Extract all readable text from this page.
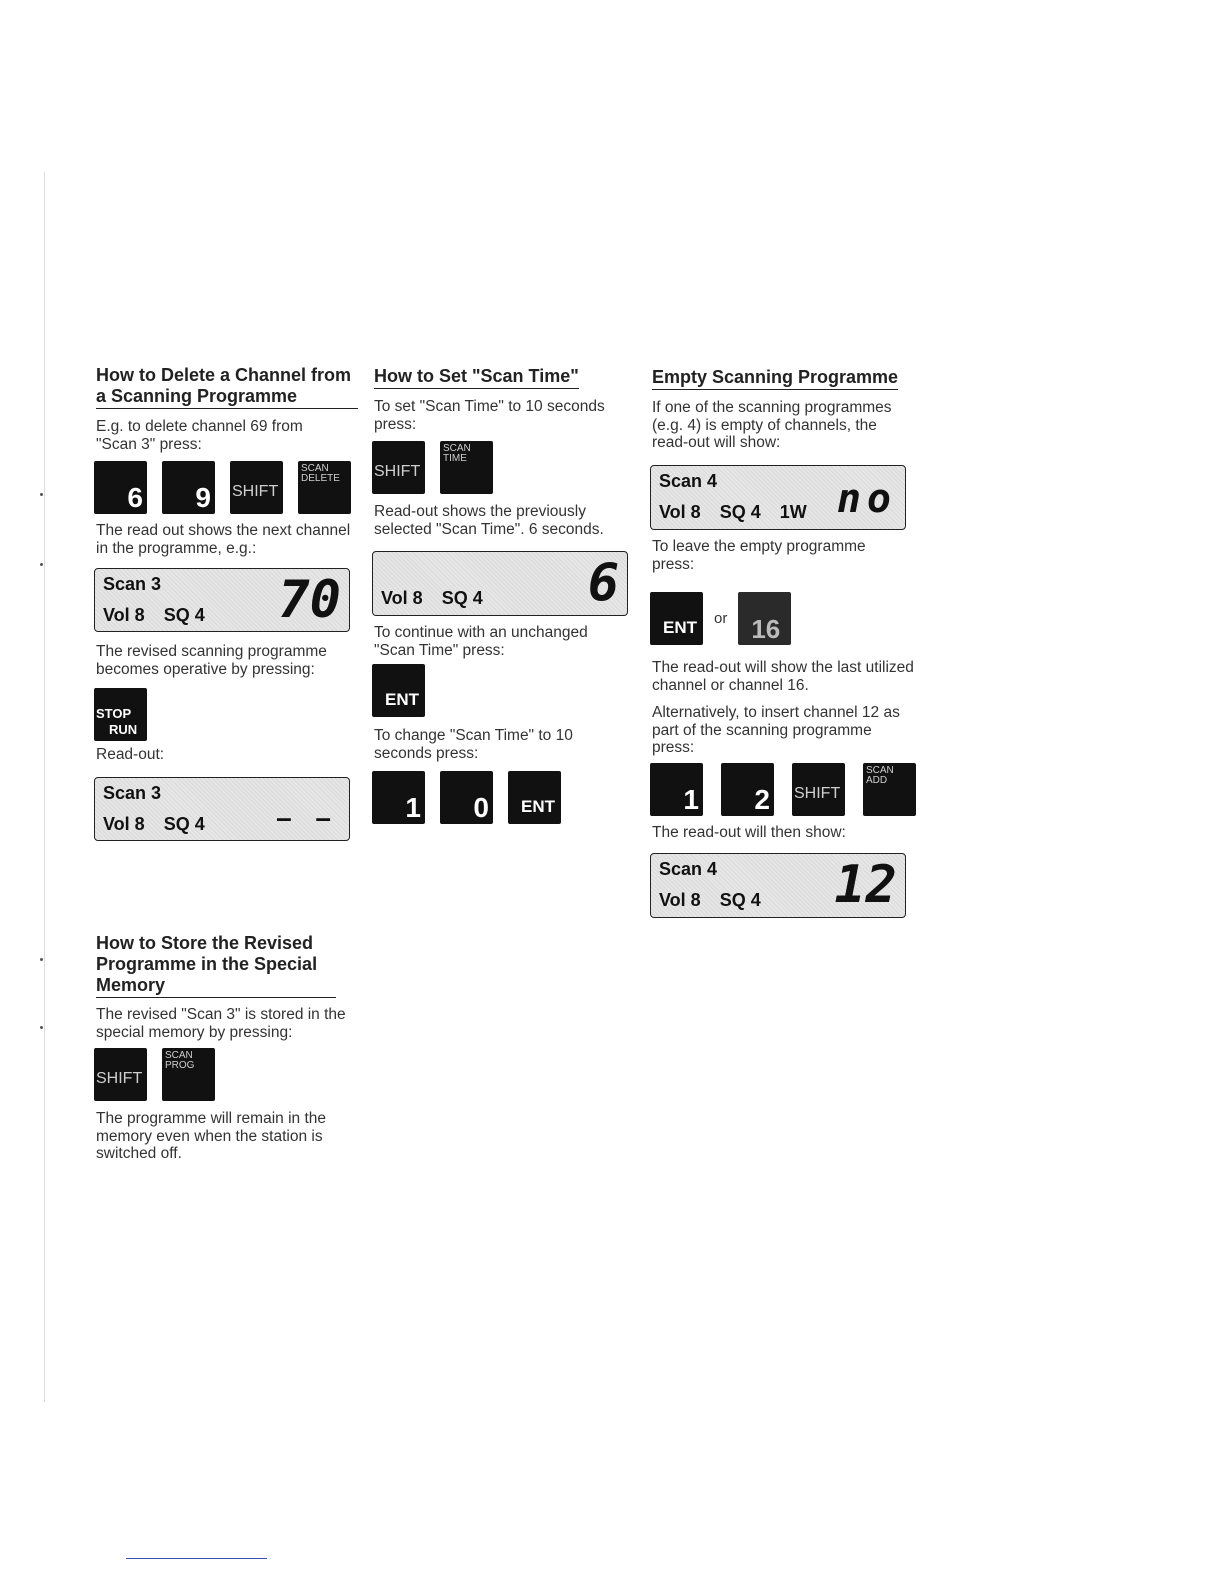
How to Delete a Channel from a Scanning Programme

E.g. to delete channel 69 from "Scan 3" press:

6 9 SHIFT
SCAN DELETE

The read out shows the next channel in the programme, e.g.:

Scan 3
Vol 8 SQ 4 70

The revised scanning programme becomes operative by pressing:

STOP
RUN

Read-out:

Scan 3
Vol 8 SQ 4	– –
How to Store the Revised Programme in the Special Memory

The revised "Scan 3" is stored in the special memory by pressing:

SHIFT
SCAN PROG

The programme will remain in the memory even when the station is switched off.

How to Set "Scan Time"

To set "Scan Time" to 10 seconds press:

SHIFT
SCAN TIME

Read-out shows the previously selected "Scan Time". 6 seconds.

Vol 8 SQ 4 6

To continue with an unchanged "Scan Time" press:

ENT

To change "Scan Time" to 10 seconds press:

1 0 ENT
Empty Scanning Programme

If one of the scanning programmes (e.g. 4) is empty of channels, the read-out will show:

Scan 4
Vol 8 SQ 4 1W no

To leave the empty programme press:

ENT or 16

The read-out will show the last utilized channel or channel 16.

Alternatively, to insert channel 12 as part of the scanning programme press:

1 2 SHIFT
SCAN ADD

The read-out will then show:

Scan 4
Vol 8 SQ 4 12
